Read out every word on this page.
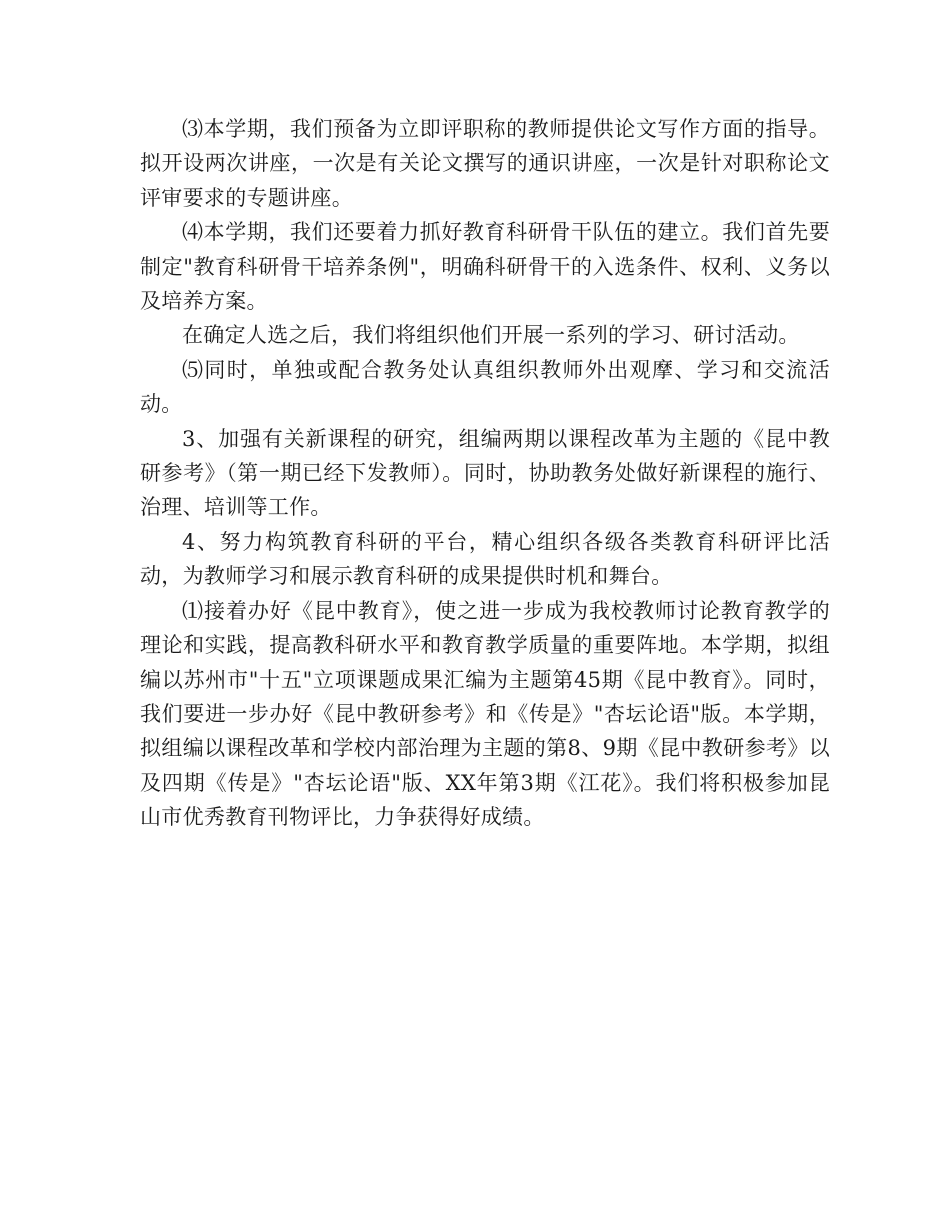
⑶本学期，我们预备为立即评职称的教师提供论文写作方面的指导。拟开设两次讲座，一次是有关论文撰写的通识讲座，一次是针对职称论文评审要求的专题讲座。

⑷本学期，我们还要着力抓好教育科研骨干队伍的建立。我们首先要制定"教育科研骨干培养条例"，明确科研骨干的入选条件、权利、义务以及培养方案。

在确定人选之后，我们将组织他们开展一系列的学习、研讨活动。

⑸同时，单独或配合教务处认真组织教师外出观摩、学习和交流活动。

3、加强有关新课程的研究，组编两期以课程改革为主题的《昆中教研参考》（第一期已经下发教师）。同时，协助教务处做好新课程的施行、治理、培训等工作。

4、努力构筑教育科研的平台，精心组织各级各类教育科研评比活动，为教师学习和展示教育科研的成果提供时机和舞台。

⑴接着办好《昆中教育》，使之进一步成为我校教师讨论教育教学的理论和实践，提高教科研水平和教育教学质量的重要阵地。本学期，拟组编以苏州市"十五"立项课题成果汇编为主题第45期《昆中教育》。同时，我们要进一步办好《昆中教研参考》和《传是》"杏坛论语"版。本学期，拟组编以课程改革和学校内部治理为主题的第8、9期《昆中教研参考》以及四期《传是》"杏坛论语"版、XX年第3期《江花》。我们将积极参加昆山市优秀教育刊物评比，力争获得好成绩。
